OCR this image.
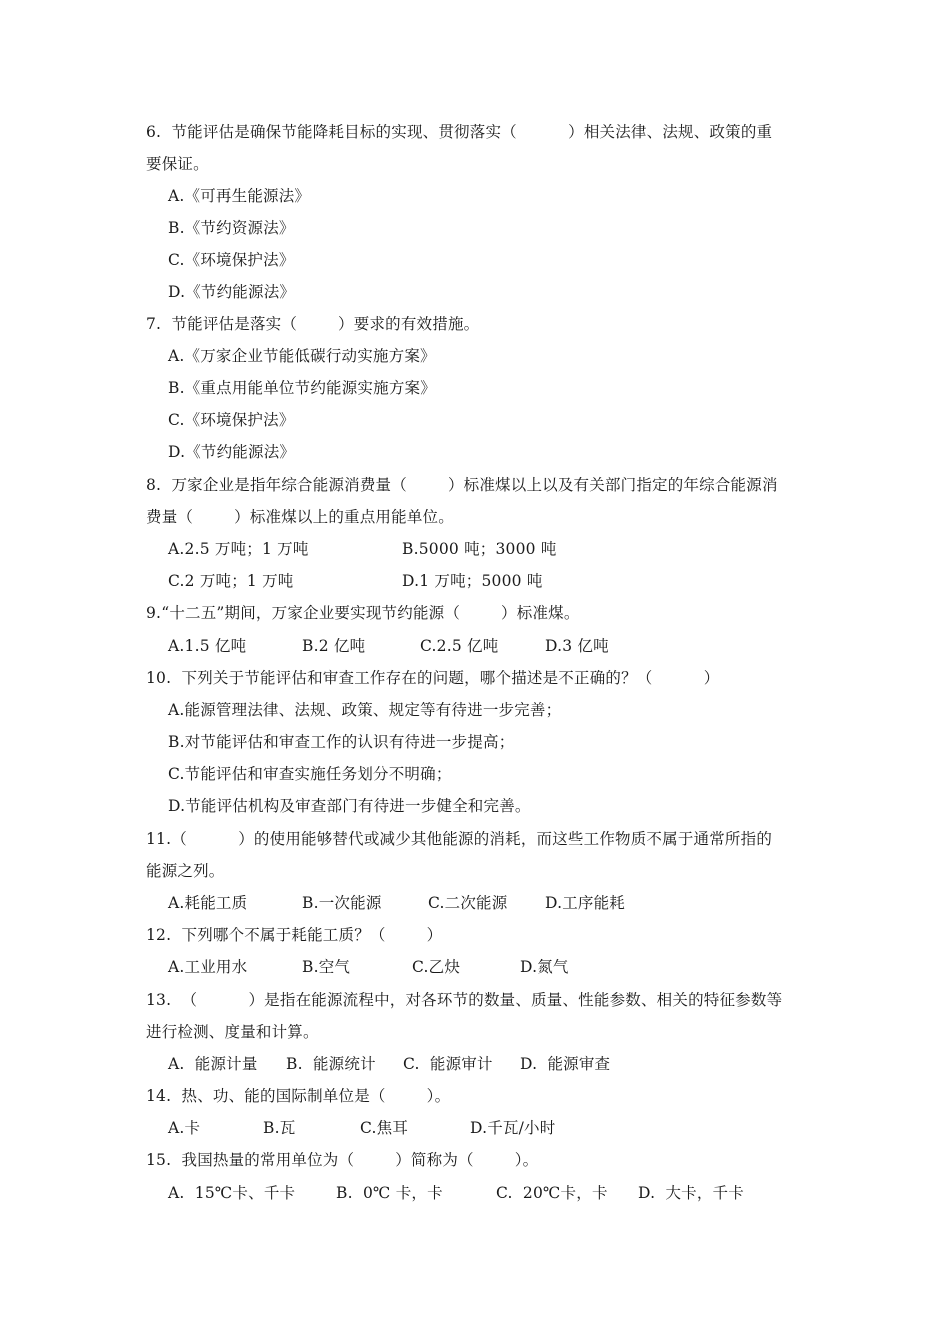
6.  节能评估是确保节能降耗目标的实现、贯彻落实（          ）相关法律、法规、政策的重
要保证。
A.《可再生能源法》
B.《节约资源法》
C.《环境保护法》
D.《节约能源法》
7.  节能评估是落实（        ）要求的有效措施。
A.《万家企业节能低碳行动实施方案》
B.《重点用能单位节约能源实施方案》
C.《环境保护法》
D.《节约能源法》
8.  万家企业是指年综合能源消费量（        ）标准煤以上以及有关部门指定的年综合能源消
费量（        ）标准煤以上的重点用能单位。
A.2.5 万吨；1 万吨	B.5000 吨；3000 吨
C.2 万吨；1 万吨	D.1 万吨；5000 吨
9.“十二五”期间，万家企业要实现节约能源（        ）标准煤。
A.1.5 亿吨	B.2 亿吨	C.2.5 亿吨	D.3 亿吨
10.  下列关于节能评估和审查工作存在的问题，哪个描述是不正确的？（          ）
A.能源管理法律、法规、政策、规定等有待进一步完善；
B.对节能评估和审查工作的认识有待进一步提高；
C.节能评估和审查实施任务划分不明确；
D.节能评估机构及审查部门有待进一步健全和完善。
11.（          ）的使用能够替代或减少其他能源的消耗，而这些工作物质不属于通常所指的
能源之列。
A.耗能工质	B.一次能源	C.二次能源 D.工序能耗
12.  下列哪个不属于耗能工质？（        ）
A.工业用水	B.空气	C.乙炔	D.氮气
13.  （          ）是指在能源流程中，对各环节的数量、质量、性能参数、相关的特征参数等
进行检测、度量和计算。
A.  能源计量 B.  能源统计 C.  能源审计 D.  能源审查
14.  热、功、能的国际制单位是（        ）。
A.卡	B.瓦	C.焦耳	D.千瓦/小时
15.  我国热量的常用单位为（        ）简称为（        ）。
A.  15℃卡、千卡	B.  0℃ 卡，卡	C.  20℃卡，卡 D.  大卡，千卡
